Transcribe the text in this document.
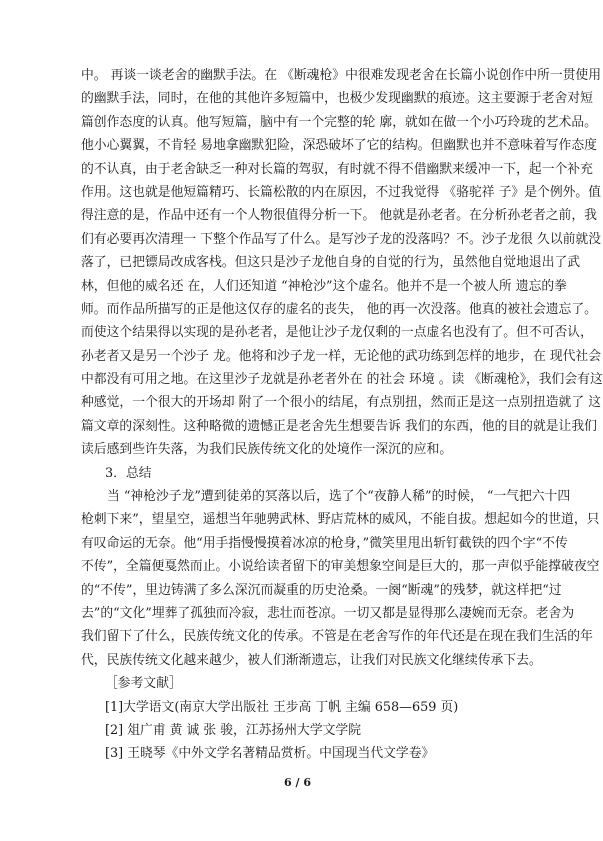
中。 再谈一谈老舍的幽默手法。在 《断魂枪》中很难发现老舍在长篇小说创作中所一贯使用
的幽默手法，同时，在他的其他许多短篇中，也极少发现幽默的痕迹。这主要源于老舍对短
篇创作态度的认真。他写短篇，脑中有一个完整的轮 廓，就如在做一个小巧玲珑的艺术品。
他小心翼翼，不肯轻 易地拿幽默犯险，深恐破坏了它的结构。但幽默也并不意味着写作态度
的不认真，由于老舍缺乏一种对长篇的驾驭，有时就不得不借幽默来缓冲一下，起一个补充
作用。这也就是他短篇精巧、长篇松散的内在原因，不过我觉得 《骆驼祥 子》是个例外。值
得注意的是，作品中还有一个人物很值得分析一下。 他就是孙老者。在分析孙老者之前，我
们有必要再次清理一 下整个作品写了什么。是写沙子龙的没落吗？不。沙子龙很 久以前就没
落了，已把镖局改成客栈。但这只是沙子龙他自身的自觉的行为，虽然他自觉地退出了武
林，但他的威名还 在，人们还知道 “神枪沙”这个虚名。他并不是一个被人所 遗忘的拳
师。而作品所描写的正是他这仅存的虚名的丧失， 他的再一次没落。他真的被社会遗忘了。
而使这个结果得以实现的是孙老者，是他让沙子龙仅剩的一点虚名也没有了。但不可否认，
孙老者又是另一个沙子 龙。他将和沙子龙一样，无论他的武功练到怎样的地步，在 现代社会
中都没有可用之地。在这里沙子龙就是孙老者外在 的社会 环境 。读 《断魂枪》，我们会有这
种感觉，一个很大的开场却 附了一个很小的结尾，有点别扭，然而正是这一点别扭造就了 这
篇文章的深刻性。这种略微的遗憾正是老舍先生想要告诉 我们的东西，他的目的就是让我们
读后感到些许失落，为我们民族传统文化的处境作一深沉的应和。
3．总结
当 “神枪沙子龙”遭到徒弟的冥落以后，选了个“夜静人稀”的时候， “一气把六十四
枪刺下来”，望星空，遥想当年驰骋武林、野店荒林的威风，不能自拔。想起如今的世道，只
有叹命运的无奈。他“用手指慢慢摸着冰凉的枪身，”微笑里甩出斩钉截铁的四个字“不传
不传”，全篇便戛然而止。小说给读者留下的审美想象空间是巨大的，那一声似乎能撑破夜空
的“不传”，里边铸满了多么深沉而凝重的历史沧桑。一阕“断魂”的残梦，就这样把“过
去”的“文化”埋葬了孤独而冷寂，悲壮而苍凉。一切又都是显得那么凄婉而无奈。老舍为
我们留下了什么，民族传统文化的传承。不管是在老舍写作的年代还是在现在我们生活的年
代，民族传统文化越来越少，被人们渐渐遗忘，让我们对民族文化继续传承下去。
［参考文献］
[1]大学语文(南京大学出版社 王步高 丁帆 主编 658—659 页)
[2] 俎广甫 黄 诚 张 骏，江苏扬州大学文学院
[3] 王晓琴《中外文学名著精品赏析。中国现当代文学卷》
6 / 6
